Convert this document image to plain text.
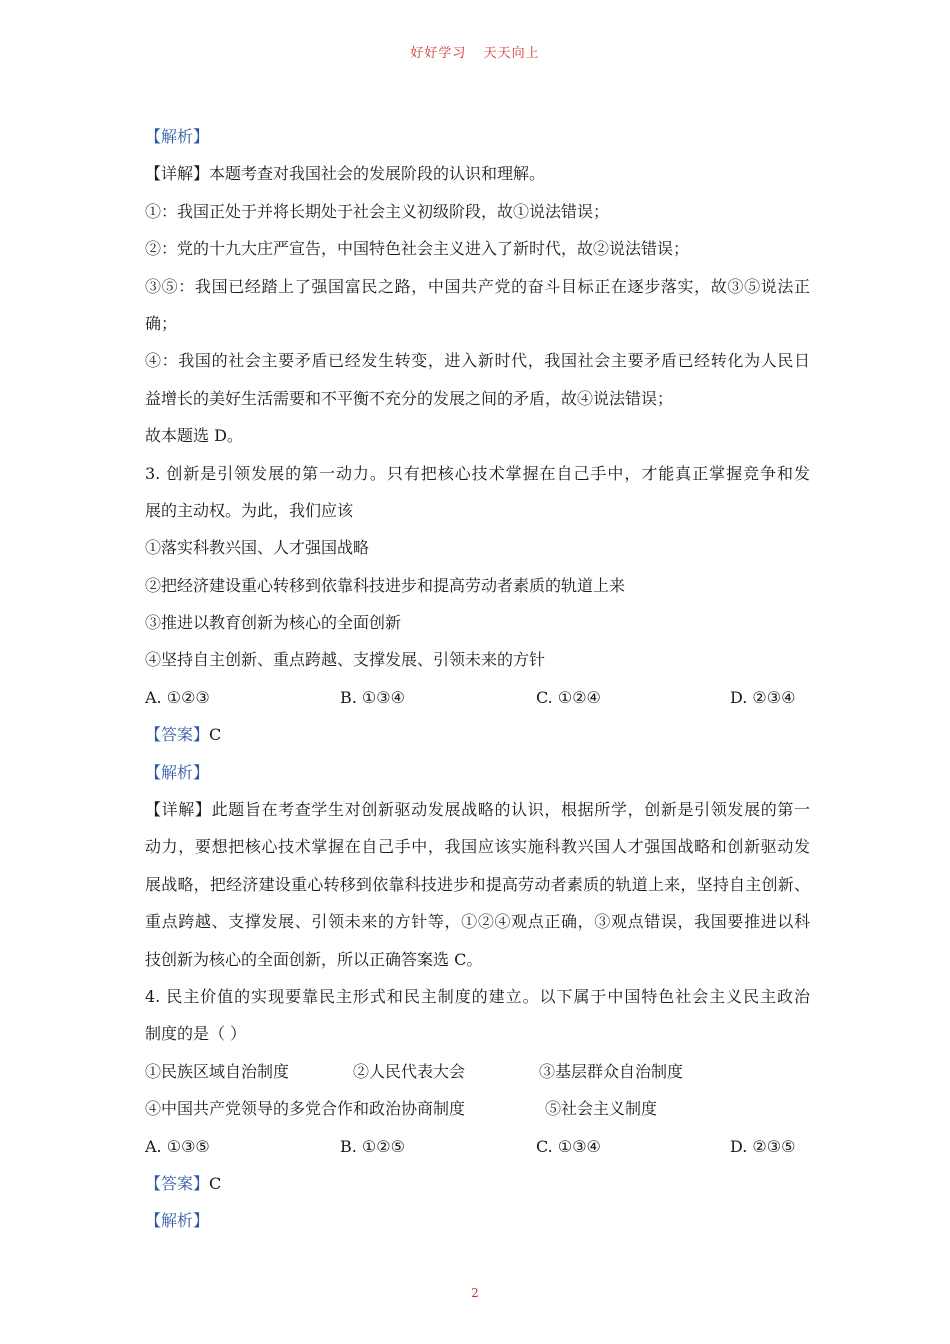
好好学习 天天向上
【解析】
【详解】本题考查对我国社会的发展阶段的认识和理解。
①：我国正处于并将长期处于社会主义初级阶段，故①说法错误；
②：党的十九大庄严宣告，中国特色社会主义进入了新时代，故②说法错误；
③⑤：我国已经踏上了强国富民之路，中国共产党的奋斗目标正在逐步落实，故③⑤说法正
确；
④：我国的社会主要矛盾已经发生转变，进入新时代，我国社会主要矛盾已经转化为人民日
益增长的美好生活需要和不平衡不充分的发展之间的矛盾，故④说法错误；
故本题选 D。
3. 创新是引领发展的第一动力。只有把核心技术掌握在自己手中，才能真正掌握竞争和发
展的主动权。为此，我们应该
①落实科教兴国、人才强国战略
②把经济建设重心转移到依靠科技进步和提高劳动者素质的轨道上来
③推进以教育创新为核心的全面创新
④坚持自主创新、重点跨越、支撑发展、引领未来的方针
A. ①②③	B. ①③④	C. ①②④	D. ②③④
【答案】C
【解析】
【详解】此题旨在考查学生对创新驱动发展战略的认识，根据所学，创新是引领发展的第一
动力，要想把核心技术掌握在自己手中，我国应该实施科教兴国人才强国战略和创新驱动发
展战略，把经济建设重心转移到依靠科技进步和提高劳动者素质的轨道上来，坚持自主创新、
重点跨越、支撑发展、引领未来的方针等，①②④观点正确，③观点错误，我国要推进以科
技创新为核心的全面创新，所以正确答案选 C。
4. 民主价值的实现要靠民主形式和民主制度的建立。以下属于中国特色社会主义民主政治
制度的是（ ）
①民族区域自治制度	②人民代表大会	③基层群众自治制度
④中国共产党领导的多党合作和政治协商制度	⑤社会主义制度
A. ①③⑤	B. ①②⑤	C. ①③④	D. ②③⑤
【答案】C
【解析】
2
